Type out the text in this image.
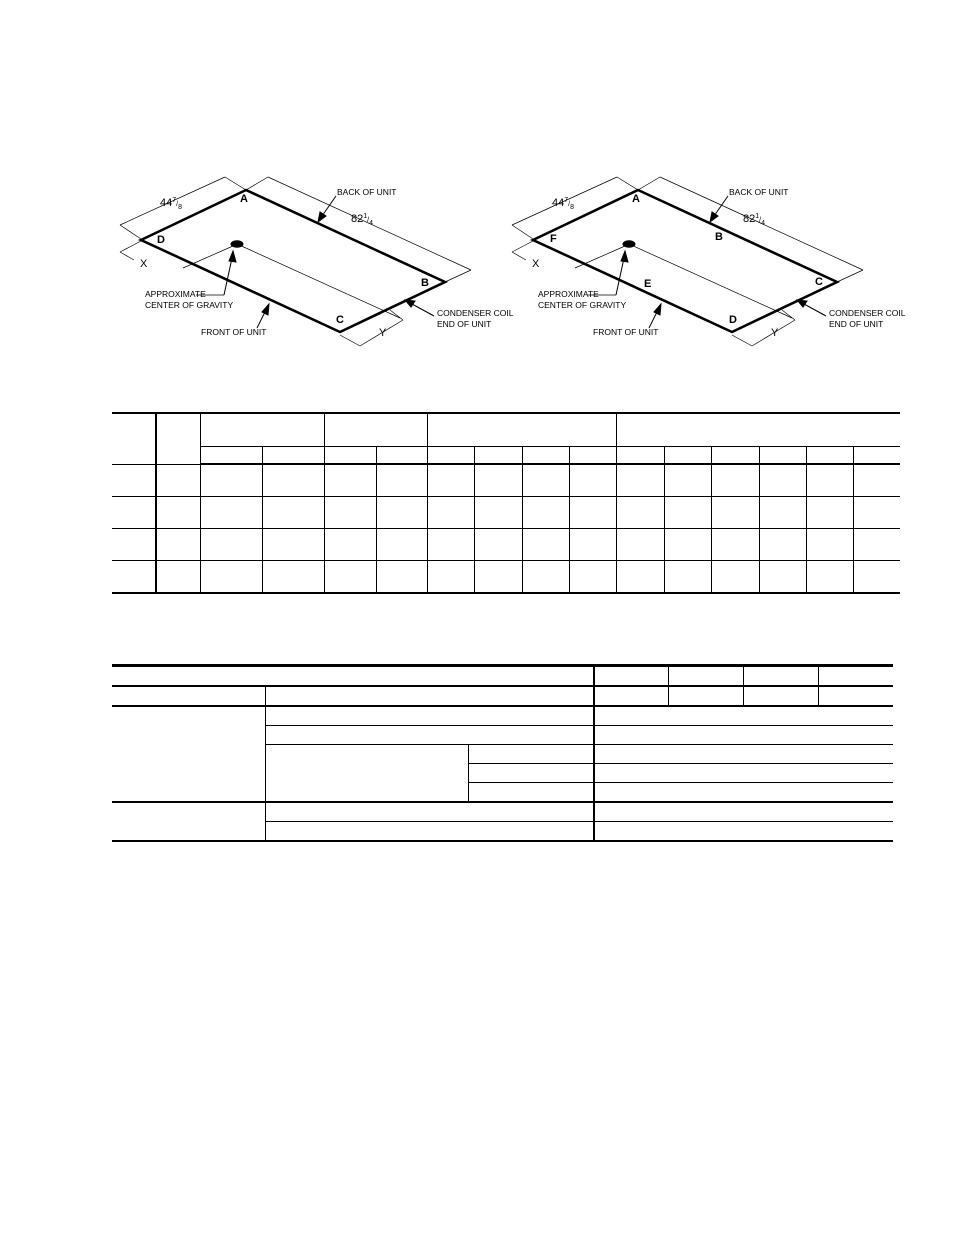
$44^7_{/8}$
$82^1_{/4}$
BACK OF UNIT
FRONT OF UNIT
APPROXIMATE
CENTER OF GRAVITY
CONDENSER COIL
END OF UNIT
X
Y
A
B
C
D
$44^7_{/8}$
$82^1_{/4}$
BACK OF UNIT
FRONT OF UNIT
APPROXIMATE
CENTER OF GRAVITY
CONDENSER COIL
END OF UNIT
X
Y
A
B
C
D
E
F
